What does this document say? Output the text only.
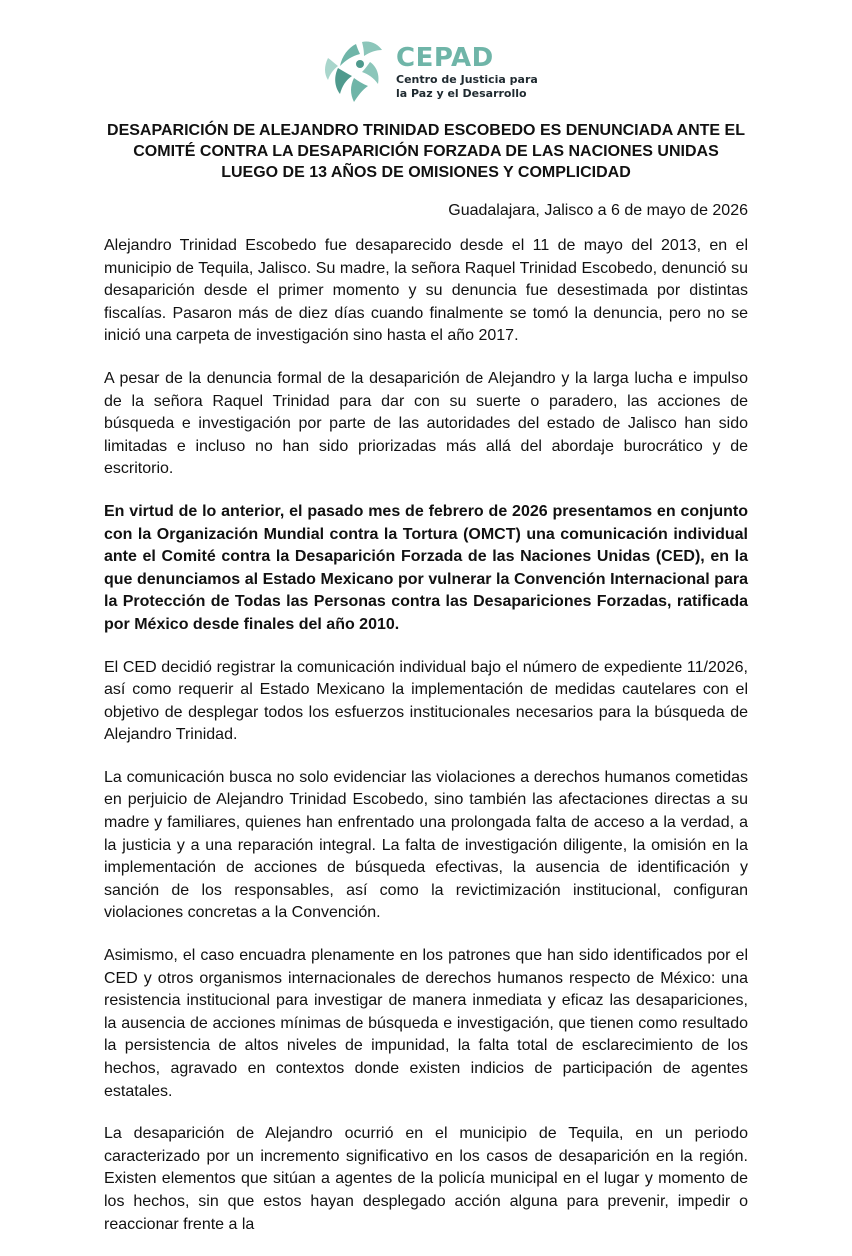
CEPAD
Centro de Justicia para
la Paz y el Desarrollo
DESAPARICIÓN DE ALEJANDRO TRINIDAD ESCOBEDO ES DENUNCIADA ANTE EL COMITÉ CONTRA LA DESAPARICIÓN FORZADA DE LAS NACIONES UNIDAS LUEGO DE 13 AÑOS DE OMISIONES Y COMPLICIDAD

Guadalajara, Jalisco a 6 de mayo de 2026

Alejandro Trinidad Escobedo fue desaparecido desde el 11 de mayo del 2013, en el municipio de Tequila, Jalisco. Su madre, la señora Raquel Trinidad Escobedo, denunció su desaparición desde el primer momento y su denuncia fue desestimada por distintas fiscalías. Pasaron más de diez días cuando finalmente se tomó la denuncia, pero no se inició una carpeta de investigación sino hasta el año 2017.

A pesar de la denuncia formal de la desaparición de Alejandro y la larga lucha e impulso de la señora Raquel Trinidad para dar con su suerte o paradero, las acciones de búsqueda e investigación por parte de las autoridades del estado de Jalisco han sido limitadas e incluso no han sido priorizadas más allá del abordaje burocrático y de escritorio.

En virtud de lo anterior, el pasado mes de febrero de 2026 presentamos en conjunto con la Organización Mundial contra la Tortura (OMCT) una comunicación individual ante el Comité contra la Desaparición Forzada de las Naciones Unidas (CED), en la que denunciamos al Estado Mexicano por vulnerar la Convención Internacional para la Protección de Todas las Personas contra las Desapariciones Forzadas, ratificada por México desde finales del año 2010.

El CED decidió registrar la comunicación individual bajo el número de expediente 11/2026, así como requerir al Estado Mexicano la implementación de medidas cautelares con el objetivo de desplegar todos los esfuerzos institucionales necesarios para la búsqueda de Alejandro Trinidad.

La comunicación busca no solo evidenciar las violaciones a derechos humanos cometidas en perjuicio de Alejandro Trinidad Escobedo, sino también las afectaciones directas a su madre y familiares, quienes han enfrentado una prolongada falta de acceso a la verdad, a la justicia y a una reparación integral. La falta de investigación diligente, la omisión en la implementación de acciones de búsqueda efectivas, la ausencia de identificación y sanción de los responsables, así como la revictimización institucional, configuran violaciones concretas a la Convención.

Asimismo, el caso encuadra plenamente en los patrones que han sido identificados por el CED y otros organismos internacionales de derechos humanos respecto de México: una resistencia institucional para investigar de manera inmediata y eficaz las desapariciones, la ausencia de acciones mínimas de búsqueda e investigación, que tienen como resultado la persistencia de altos niveles de impunidad, la falta total de esclarecimiento de los hechos, agravado en contextos donde existen indicios de participación de agentes estatales.

La desaparición de Alejandro ocurrió en el municipio de Tequila, en un periodo caracterizado por un incremento significativo en los casos de desaparición en la región. Existen elementos que sitúan a agentes de la policía municipal en el lugar y momento de los hechos, sin que estos hayan desplegado acción alguna para prevenir, impedir o reaccionar frente a la
